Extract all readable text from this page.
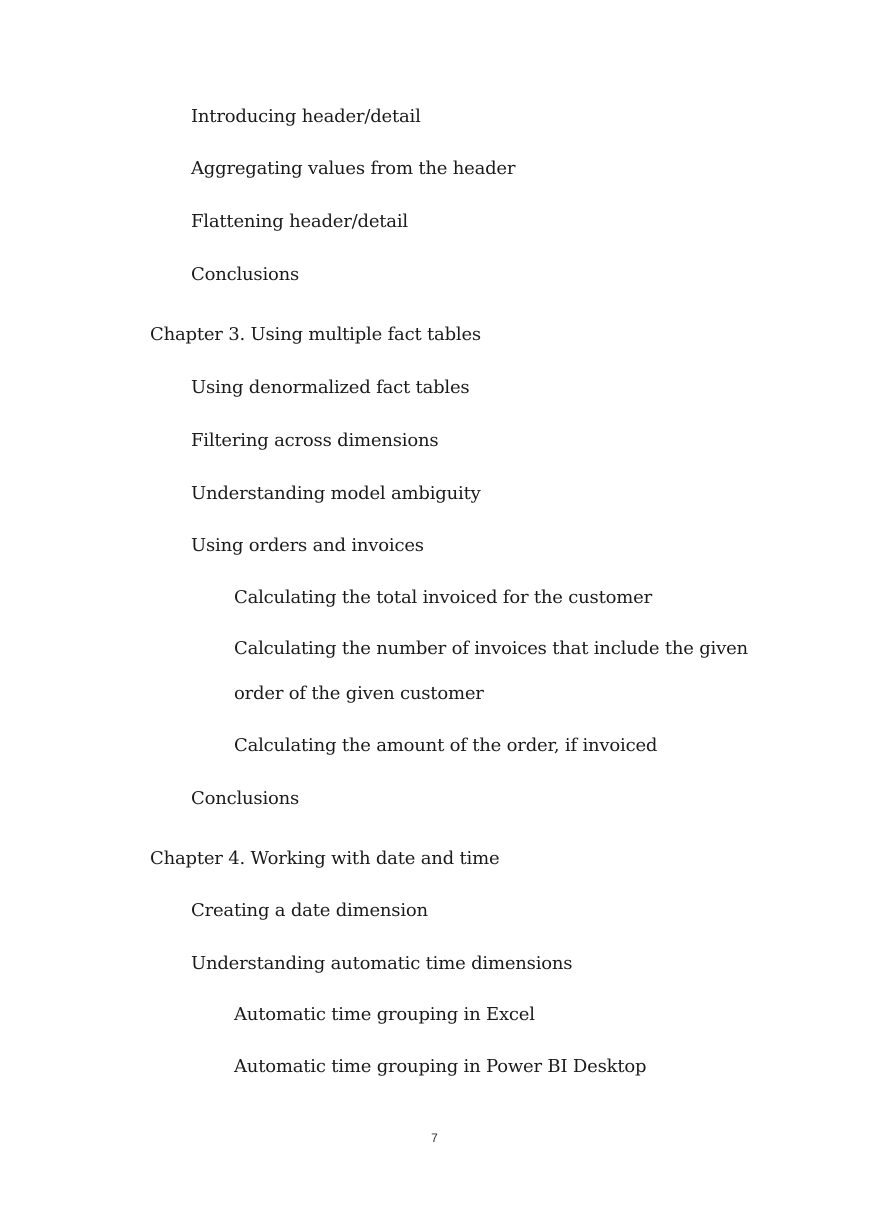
Introducing header/detail
Aggregating values from the header
Flattening header/detail
Conclusions
Chapter 3. Using multiple fact tables
Using denormalized fact tables
Filtering across dimensions
Understanding model ambiguity
Using orders and invoices
Calculating the total invoiced for the customer
Calculating the number of invoices that include the given
order of the given customer
Calculating the amount of the order, if invoiced
Conclusions
Chapter 4. Working with date and time
Creating a date dimension
Understanding automatic time dimensions
Automatic time grouping in Excel
Automatic time grouping in Power BI Desktop
7
